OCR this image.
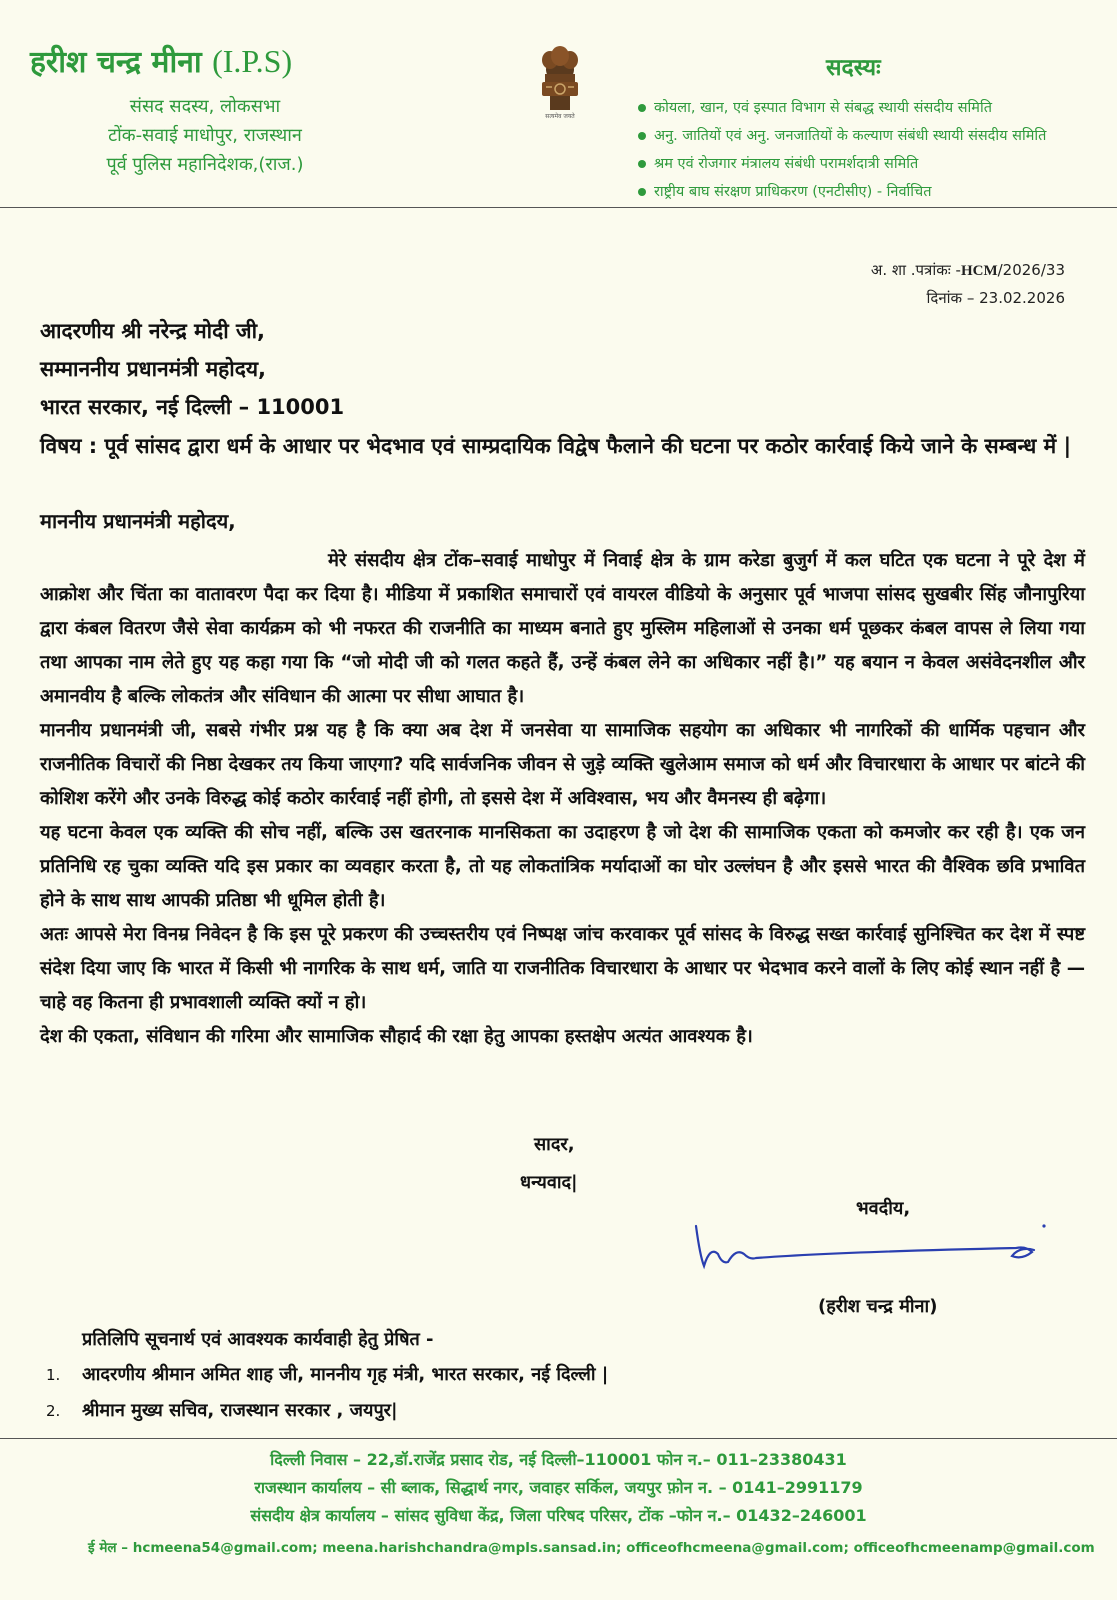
हरीश चन्द्र मीना (I.P.S)
संसद सदस्य, लोकसभा
टोंक-सवाई माधोपुर, राजस्थान
पूर्व पुलिस महानिदेशक,(राज.)
सत्यमेव जयते
सदस्यः
कोयला, खान, एवं इस्पात विभाग से संबद्ध स्थायी संसदीय समिति
अनु. जातियों एवं अनु. जनजातियों के कल्याण संबंधी स्थायी संसदीय समिति
श्रम एवं रोजगार मंत्रालय संबंधी परामर्शदात्री समिति
राष्ट्रीय बाघ संरक्षण प्राधिकरण (एनटीसीए) - निर्वाचित
अ. शा .पत्रांकः -HCM/2026/33
दिनांक – 23.02.2026
आदरणीय श्री नरेन्द्र मोदी जी,
सम्माननीय प्रधानमंत्री महोदय,
भारत सरकार, नई दिल्ली – 110001
विषय : पूर्व सांसद द्वारा धर्म के आधार पर भेदभाव एवं साम्प्रदायिक विद्वेष फैलाने की घटना पर कठोर कार्रवाई किये जाने के सम्बन्ध में |
माननीय प्रधानमंत्री महोदय,

मेरे संसदीय क्षेत्र टोंक–सवाई माधोपुर में निवाई क्षेत्र के ग्राम करेडा बुजुर्ग में कल घटित एक घटना ने पूरे देश में आक्रोश और चिंता का वातावरण पैदा कर दिया है। मीडिया में प्रकाशित समाचारों एवं वायरल वीडियो के अनुसार पूर्व भाजपा सांसद सुखबीर सिंह जौनापुरिया द्वारा कंबल वितरण जैसे सेवा कार्यक्रम को भी नफरत की राजनीति का माध्यम बनाते हुए मुस्लिम महिलाओं से उनका धर्म पूछकर कंबल वापस ले लिया गया तथा आपका नाम लेते हुए यह कहा गया कि “जो मोदी जी को गलत कहते हैं, उन्हें कंबल लेने का अधिकार नहीं है।” यह बयान न केवल असंवेदनशील और अमानवीय है बल्कि लोकतंत्र और संविधान की आत्मा पर सीधा आघात है।

माननीय प्रधानमंत्री जी, सबसे गंभीर प्रश्न यह है कि क्या अब देश में जनसेवा या सामाजिक सहयोग का अधिकार भी नागरिकों की धार्मिक पहचान और राजनीतिक विचारों की निष्ठा देखकर तय किया जाएगा? यदि सार्वजनिक जीवन से जुड़े व्यक्ति खुलेआम समाज को धर्म और विचारधारा के आधार पर बांटने की कोशिश करेंगे और उनके विरुद्ध कोई कठोर कार्रवाई नहीं होगी, तो इससे देश में अविश्वास, भय और वैमनस्य ही बढ़ेगा।

यह घटना केवल एक व्यक्ति की सोच नहीं, बल्कि उस खतरनाक मानसिकता का उदाहरण है जो देश की सामाजिक एकता को कमजोर कर रही है। एक जन प्रतिनिधि रह चुका व्यक्ति यदि इस प्रकार का व्यवहार करता है, तो यह लोकतांत्रिक मर्यादाओं का घोर उल्लंघन है और इससे भारत की वैश्विक छवि प्रभावित होने के साथ साथ आपकी प्रतिष्ठा भी धूमिल होती है।

अतः आपसे मेरा विनम्र निवेदन है कि इस पूरे प्रकरण की उच्चस्तरीय एवं निष्पक्ष जांच करवाकर पूर्व सांसद के विरुद्ध सख्त कार्रवाई सुनिश्चित कर देश में स्पष्ट संदेश दिया जाए कि भारत में किसी भी नागरिक के साथ धर्म, जाति या राजनीतिक विचारधारा के आधार पर भेदभाव करने वालों के लिए कोई स्थान नहीं है — चाहे वह कितना ही प्रभावशाली व्यक्ति क्यों न हो।

देश की एकता, संविधान की गरिमा और सामाजिक सौहार्द की रक्षा हेतु आपका हस्तक्षेप अत्यंत आवश्यक है।

सादर,
धन्यवाद|
भवदीय,
(हरीश चन्द्र मीना)
प्रतिलिपि सूचनार्थ एवं आवश्यक कार्यवाही हेतु प्रेषित -
1. आदरणीय श्रीमान अमित शाह जी, माननीय गृह मंत्री, भारत सरकार, नई दिल्ली |
2. श्रीमान मुख्य सचिव, राजस्थान सरकार , जयपुर|
दिल्ली निवास – 22,डॉ.राजेंद्र प्रसाद रोड, नई दिल्ली–110001 फोन न.– 011–23380431
राजस्थान कार्यालय – सी ब्लाक, सिद्धार्थ नगर, जवाहर सर्किल, जयपुर फ़ोन न. – 0141–2991179
संसदीय क्षेत्र कार्यालय – सांसद सुविधा केंद्र, जिला परिषद परिसर, टोंक –फोन न.– 01432–246001
ई मेल – hcmeena54@gmail.com; meena.harishchandra@mpls.sansad.in; officeofhcmeena@gmail.com; officeofhcmeenamp@gmail.com
